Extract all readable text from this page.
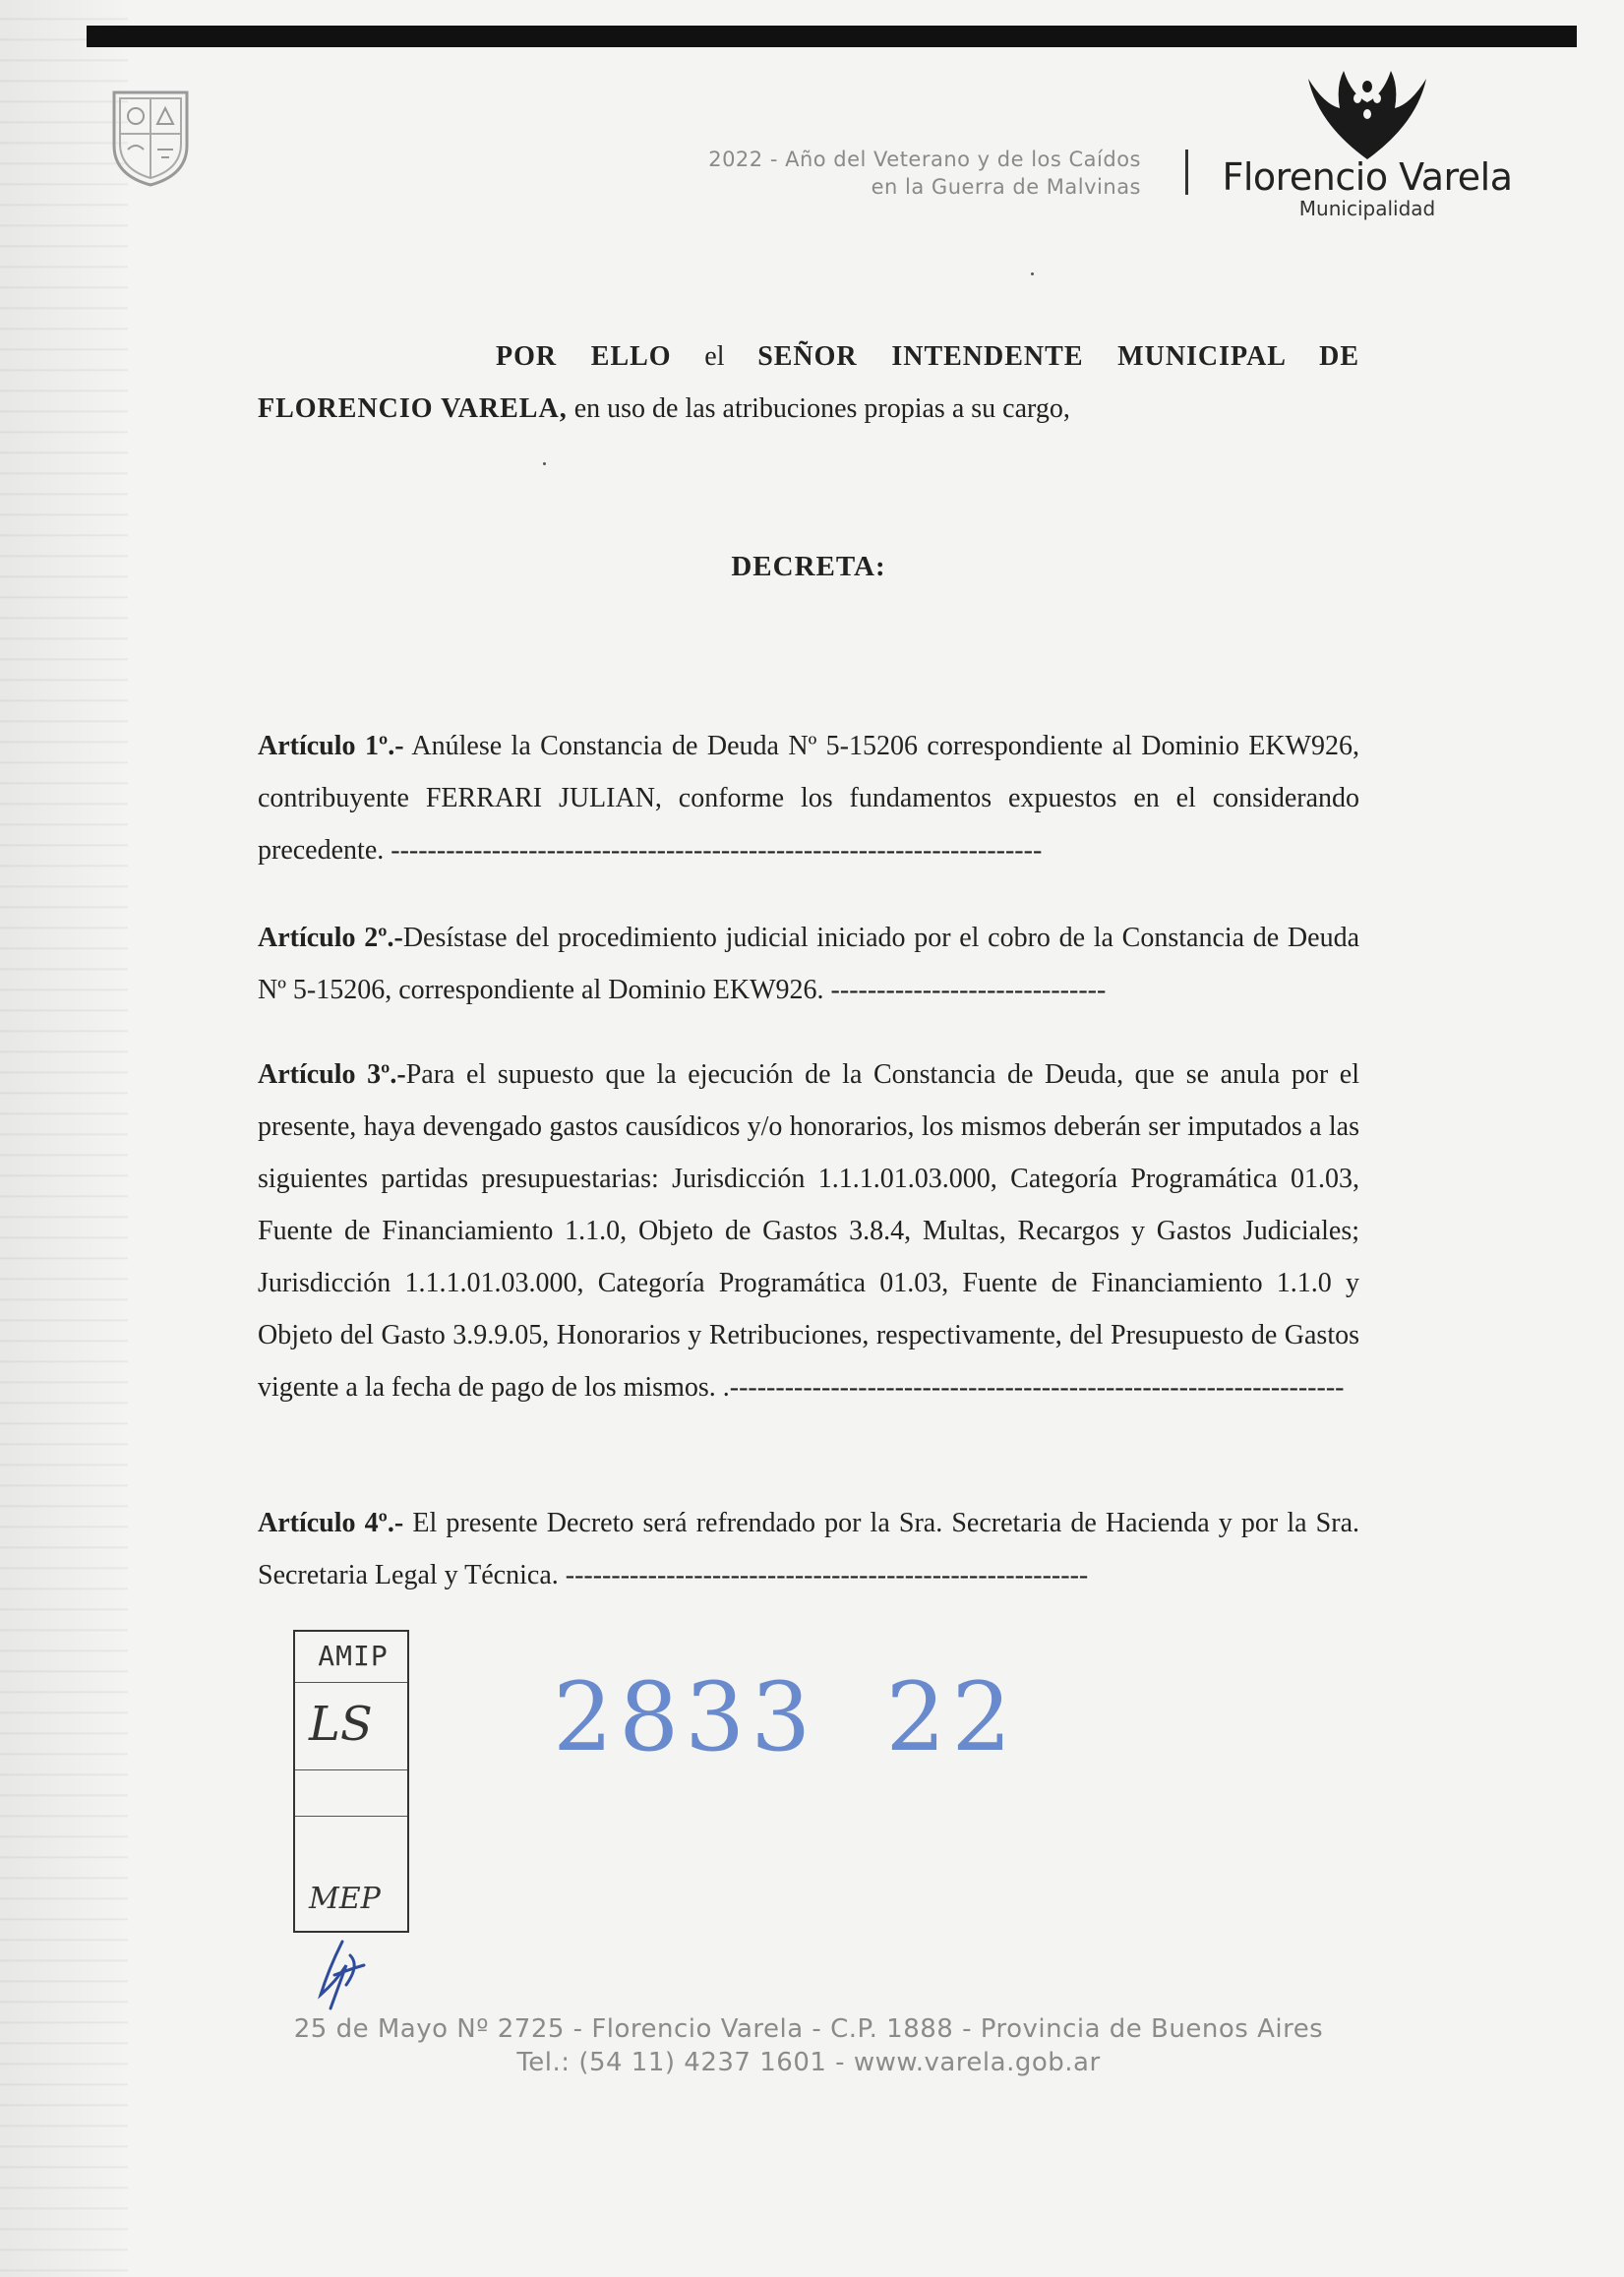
2022 - Año del Veterano y de los Caídos
en la Guerra de Malvinas Florencio Varela
Municipalidad
POR ELLO el SEÑOR INTENDENTE MUNICIPAL DE FLORENCIO VARELA, en uso de las atribuciones propias a su cargo,
DECRETA:
Artículo 1º.- Anúlese la Constancia de Deuda Nº 5-15206 correspondiente al Dominio EKW926, contribuyente FERRARI JULIAN, conforme los fundamentos expuestos en el considerando precedente. -----------------------------------------------------------------------
Artículo 2º.-Desístase del procedimiento judicial iniciado por el cobro de la Constancia de Deuda Nº 5-15206, correspondiente al Dominio EKW926. ------------------------------
Artículo 3º.-Para el supuesto que la ejecución de la Constancia de Deuda, que se anula por el presente, haya devengado gastos causídicos y/o honorarios, los mismos deberán ser imputados a las siguientes partidas presupuestarias: Jurisdicción 1.1.1.01.03.000, Categoría Programática 01.03, Fuente de Financiamiento 1.1.0, Objeto de Gastos 3.8.4, Multas, Recargos y Gastos Judiciales; Jurisdicción 1.1.1.01.03.000, Categoría Programática 01.03, Fuente de Financiamiento 1.1.0 y Objeto del Gasto 3.9.9.05, Honorarios y Retribuciones, respectivamente, del Presupuesto de Gastos vigente a la fecha de pago de los mismos. .-------------------------------------------------------------------
Artículo 4º.- El presente Decreto será refrendado por la Sra. Secretaria de Hacienda y por la Sra. Secretaria Legal y Técnica. ---------------------------------------------------------
AMIP
LS
MEP
2833 22
25 de Mayo Nº 2725 - Florencio Varela - C.P. 1888 - Provincia de Buenos Aires
Tel.: (54 11) 4237 1601 - www.varela.gob.ar
